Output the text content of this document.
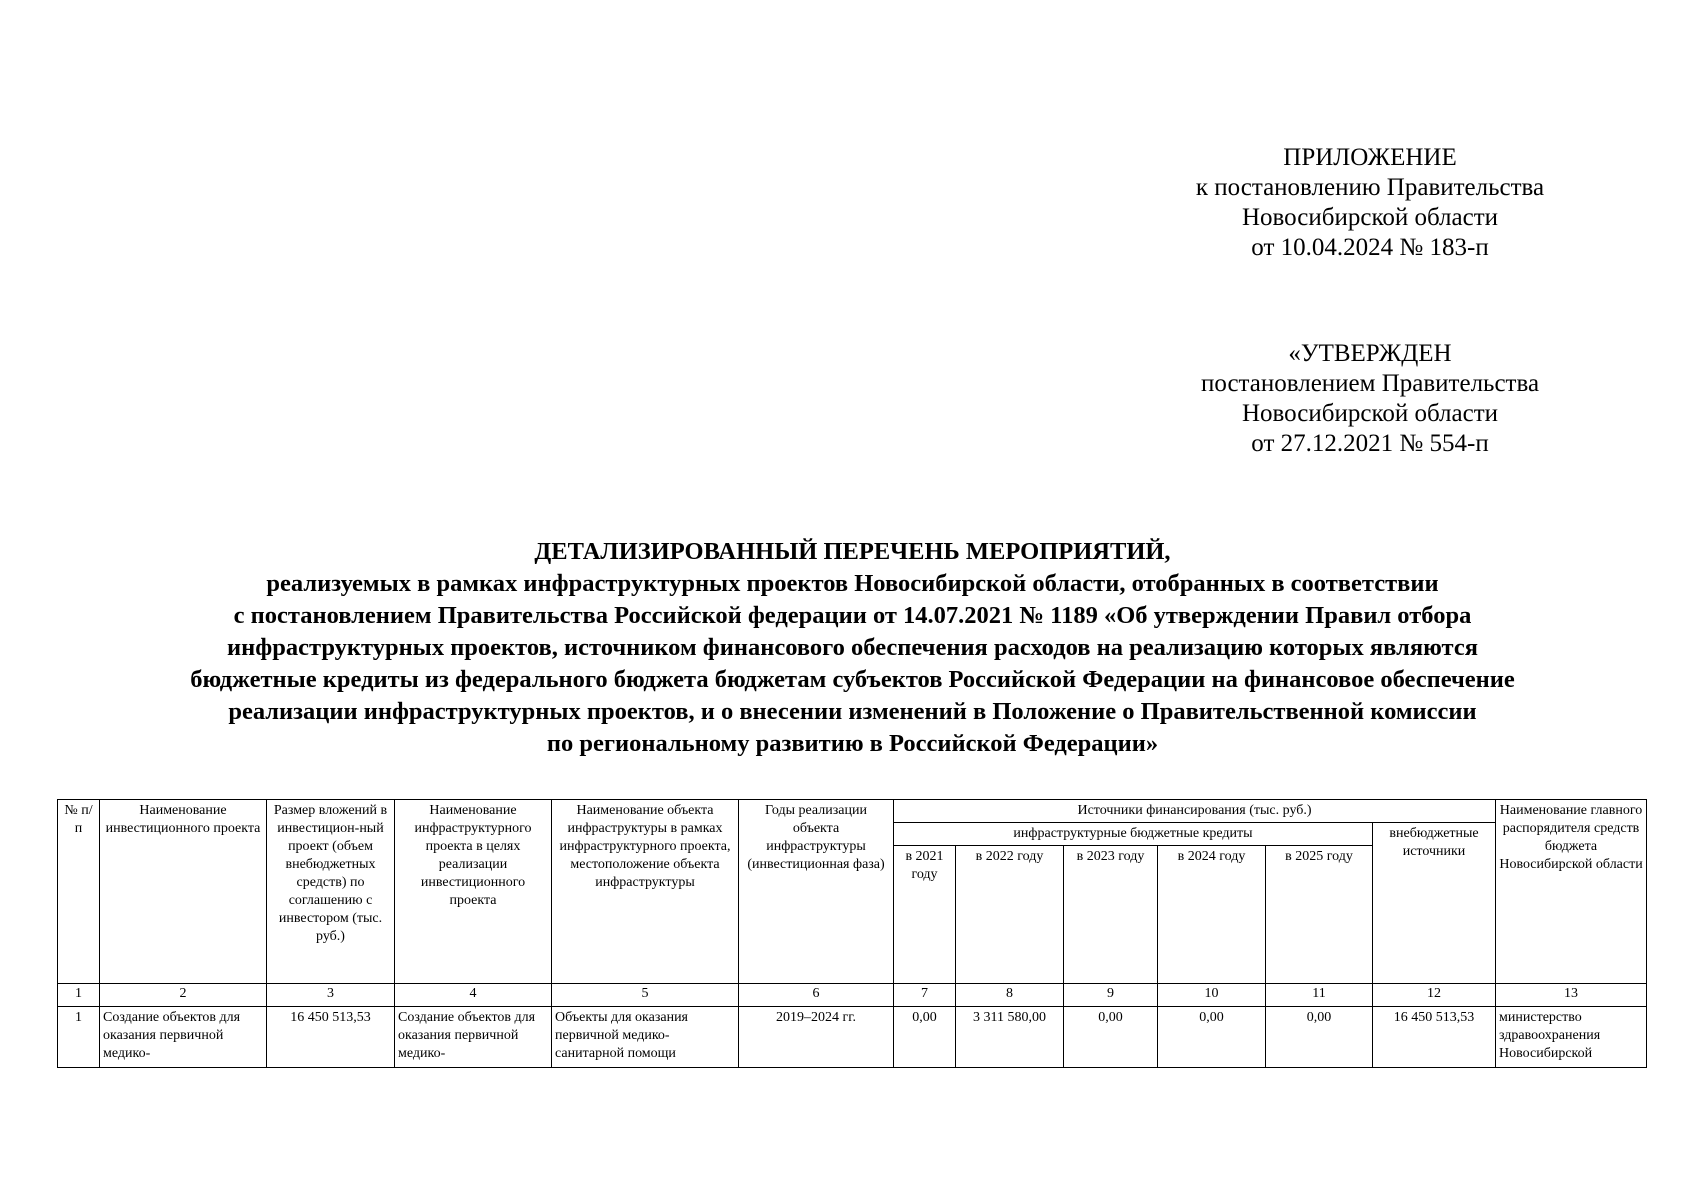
ПРИЛОЖЕНИЕ
к постановлению Правительства
Новосибирской области
от 10.04.2024 № 183-п
«УТВЕРЖДЕН
постановлением Правительства
Новосибирской области
от 27.12.2021 № 554-п
ДЕТАЛИЗИРОВАННЫЙ ПЕРЕЧЕНЬ МЕРОПРИЯТИЙ,
реализуемых в рамках инфраструктурных проектов Новосибирской области, отобранных в соответствии
с постановлением Правительства Российской федерации от 14.07.2021 № 1189 «Об утверждении Правил отбора
инфраструктурных проектов, источником финансового обеспечения расходов на реализацию которых являются
бюджетные кредиты из федерального бюджета бюджетам субъектов Российской Федерации на финансовое обеспечение
реализации инфраструктурных проектов, и о внесении изменений в Положение о Правительственной комиссии
по региональному развитию в Российской Федерации»
№ п/п	Наименование инвестиционного проекта	Размер вложений в инвестицион-ный проект (объем внебюджетных средств) по соглашению с инвестором (тыс. руб.)	Наименование инфраструктурного проекта в целях реализации инвестиционного проекта	Наименование объекта инфраструктуры в рамках инфраструктурного проекта, местоположение объекта инфраструктуры	Годы реализации объекта инфраструктуры (инвестиционная фаза)	Источники финансирования (тыс. руб.)						Наименование главного распорядителя средств бюджета Новосибирской области
						инфраструктурные бюджетные кредиты					внебюджетные источники	
						в 2021 году	в 2022 году	в 2023 году	в 2024 году	в 2025 году		
1	2	3	4	5	6	7	8	9	10	11	12	13
1	Создание объектов для оказания первичной медико-	16 450 513,53	Создание объектов для оказания первичной медико-	Объекты для оказания первичной медико-санитарной помощи	2019–2024 гг.	0,00	3 311 580,00	0,00	0,00	0,00	16 450 513,53	министерство здравоохранения Новосибирской
